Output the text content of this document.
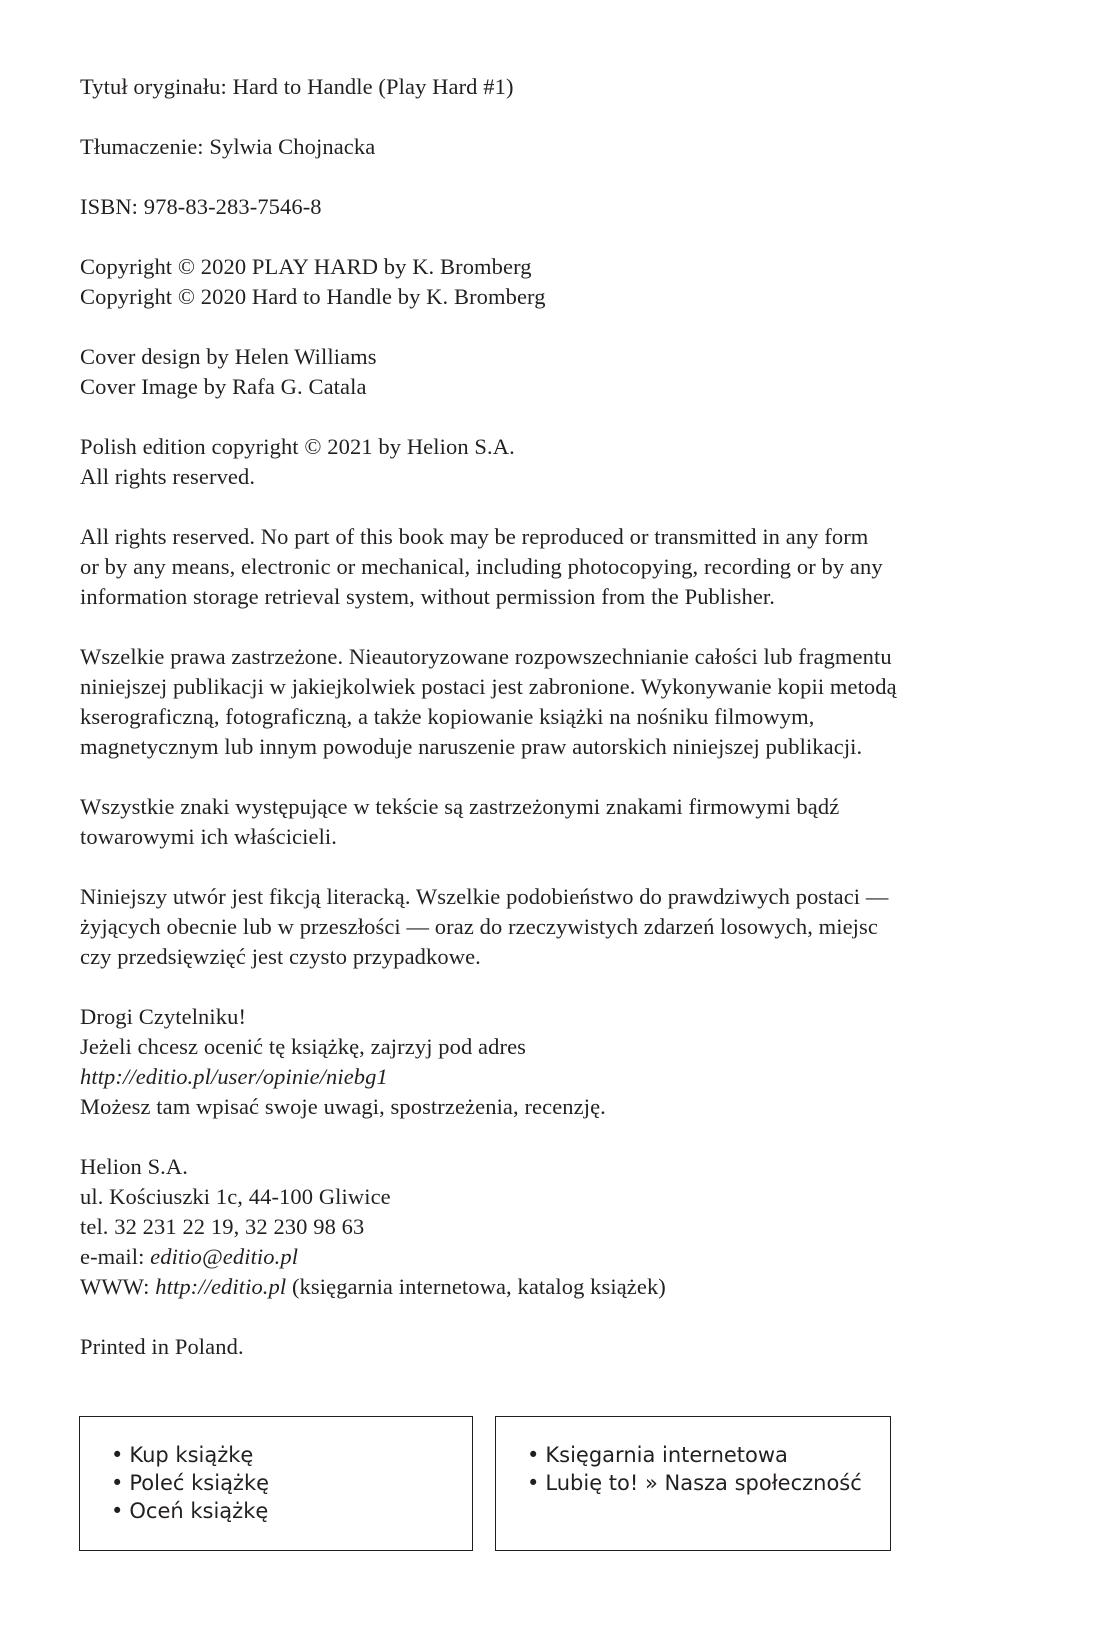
Tytuł oryginału: Hard to Handle (Play Hard #1)
Tłumaczenie: Sylwia Chojnacka
ISBN: 978-83-283-7546-8
Copyright © 2020 PLAY HARD by K. Bromberg
Copyright © 2020 Hard to Handle by K. Bromberg
Cover design by Helen Williams
Cover Image by Rafa G. Catala
Polish edition copyright © 2021 by Helion S.A.
All rights reserved.
All rights reserved. No part of this book may be reproduced or transmitted in any form
or by any means, electronic or mechanical, including photocopying, recording or by any
information storage retrieval system, without permission from the Publisher.
Wszelkie prawa zastrzeżone. Nieautoryzowane rozpowszechnianie całości lub fragmentu
niniejszej publikacji w jakiejkolwiek postaci jest zabronione. Wykonywanie kopii metodą
kserograficzną, fotograficzną, a także kopiowanie książki na nośniku filmowym,
magnetycznym lub innym powoduje naruszenie praw autorskich niniejszej publikacji.
Wszystkie znaki występujące w tekście są zastrzeżonymi znakami firmowymi bądź
towarowymi ich właścicieli.
Niniejszy utwór jest fikcją literacką. Wszelkie podobieństwo do prawdziwych postaci —
żyjących obecnie lub w przeszłości — oraz do rzeczywistych zdarzeń losowych, miejsc
czy przedsięwzięć jest czysto przypadkowe.
Drogi Czytelniku!
Jeżeli chcesz ocenić tę książkę, zajrzyj pod adres
http://editio.pl/user/opinie/niebg1
Możesz tam wpisać swoje uwagi, spostrzeżenia, recenzję.
Helion S.A.
ul. Kościuszki 1c, 44-100 Gliwice
tel. 32 231 22 19, 32 230 98 63
e-mail: editio@editio.pl
WWW: http://editio.pl (księgarnia internetowa, katalog książek)
Printed in Poland.
• Kup książkę
• Poleć książkę
• Oceń książkę
• Księgarnia internetowa
• Lubię to! » Nasza społeczność
